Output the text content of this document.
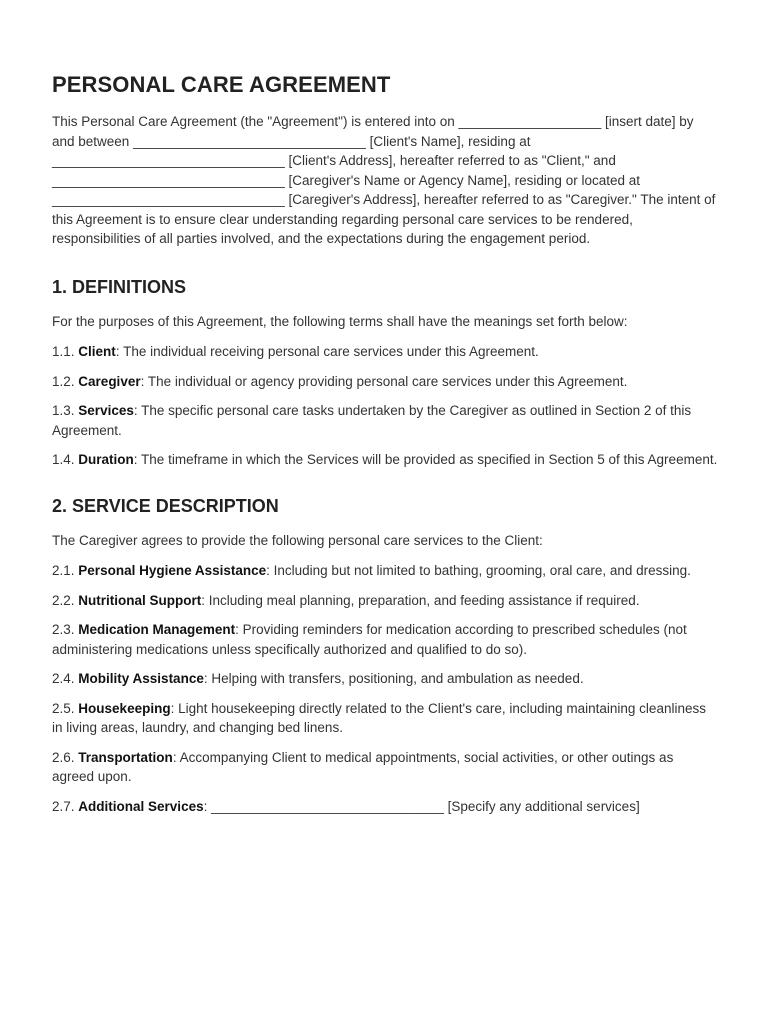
PERSONAL CARE AGREEMENT

This Personal Care Agreement (the "Agreement") is entered into on ___________________ [insert date] by and between _______________________________ [Client's Name], residing at _______________________________ [Client's Address], hereafter referred to as "Client," and _______________________________ [Caregiver's Name or Agency Name], residing or located at _______________________________ [Caregiver's Address], hereafter referred to as "Caregiver." The intent of this Agreement is to ensure clear understanding regarding personal care services to be rendered, responsibilities of all parties involved, and the expectations during the engagement period.

1. DEFINITIONS

For the purposes of this Agreement, the following terms shall have the meanings set forth below:

1.1. Client: The individual receiving personal care services under this Agreement.

1.2. Caregiver: The individual or agency providing personal care services under this Agreement.

1.3. Services: The specific personal care tasks undertaken by the Caregiver as outlined in Section 2 of this Agreement.

1.4. Duration: The timeframe in which the Services will be provided as specified in Section 5 of this Agreement.

2. SERVICE DESCRIPTION

The Caregiver agrees to provide the following personal care services to the Client:

2.1. Personal Hygiene Assistance: Including but not limited to bathing, grooming, oral care, and dressing.

2.2. Nutritional Support: Including meal planning, preparation, and feeding assistance if required.

2.3. Medication Management: Providing reminders for medication according to prescribed schedules (not administering medications unless specifically authorized and qualified to do so).

2.4. Mobility Assistance: Helping with transfers, positioning, and ambulation as needed.

2.5. Housekeeping: Light housekeeping directly related to the Client's care, including maintaining cleanliness in living areas, laundry, and changing bed linens.

2.6. Transportation: Accompanying Client to medical appointments, social activities, or other outings as agreed upon.

2.7. Additional Services: _______________________________ [Specify any additional services]
